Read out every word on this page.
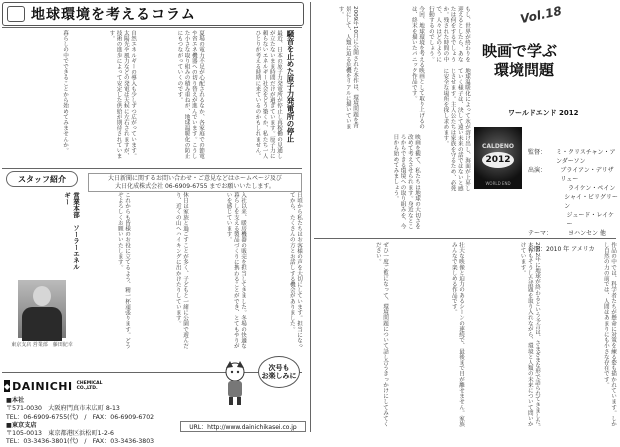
地球環境を考えるコラム
騒音を止めた原子力発電所の停止
最近、日本の原子力発電所が停止し再稼働の見通しが立たないまま時間だけが過ぎています。原子力に頼らないエネルギー社会をどう築くか、私たち一人ひとりが考える時期に来ているのかもしれません。
夏場の電力不足が心配されるなか、各家庭での節電や省エネ機器への切り替えが進んでいます。こうした小さな取り組みの積み重ねが、地球温暖化の防止にもつながっていくのです。
自然エネルギーの導入も少しずつ広がっています。太陽光や風力などの発電は天候に左右されますが、技術の進歩によって安定した供給が期待されています。
暮らしの中でできることから始めてみませんか。
大日新聞に関するお問い合わせ・ご意見などはホームページ及び
大日化成株式会社 06-6909-6755 までお願いいたします。
スタッフ紹介
営業本部　ソーラーエネルギー	日頃から私たちはお客様の声を大切にしています。担当になってから、たくさんの方とお話しする機会がありました。
入社以来、暖房機器の販売を担当してきました。冬場の快適な暮らしを支える製品づくりに携わることができ、とてもやりがいを感じています。
休日は家族と過ごすことが多く、子どもと一緒に公園で遊んだり、近くの山へハイキングに出かけたりしています。
これからも皆様のお役に立てるよう、精一杯頑張ります。どうぞよろしくお願いいたします。
東京支店 営業部　藤田紀幸
◆ DAINICHI CHEMICAL
CO.,LTD.
■本社
〒571-0030　大阪府門真市末広町 8-13
TEL：06-6909-6755(代)　/　FAX：06-6909-6702
■東京支店
〒105-0013　東京都港区浜松町1-2-6
TEL：03-3436-3801(代)　/　FAX：03-3436-3803
URL：http://www.dainichikasei.co.jp
次号も
お楽しみに
Vol.18
映画で学ぶ
環境問題
ワールドエンド 2012
CALDENO
2012
WORLD END
監督：	ミ・クリスチャン・アンダーソン
出演：	ブライアン・デリザリュー
ライケン・ペイン
シャイ・ビリグリーン
ジュード・レイケー
テーマ：	ヨハンセン 他
公開：2010 年 アメリカ
もし、世界が終わりを迎えるとしたら、あなたは何をするでしょうか。残された時間の中で、人々はどのように行動するのでしょう。
今回、地球環境を考える映画として取り上げるのは、終末を描いたパニック作品です。
2009年10月に公開された本作は、環境問題を背景にして、人類に迫る危機をリアルに描いています。
地球温暖化によって氷が溶け出し、海面が上昇していく様子は、決して遠い未来の話ではないと感じさせます。主人公たちは家族を守るため、必死に安全な場所を探し求めます。
映画を観て、私たちは地球の大切さを改めて考えさせられます。身近なところからできる環境への取り組みを、今日から始めてみましょう。
作品の中では、科学者たちが懸命に対策を練る姿も描かれています。しかし自然の力の前では、人間はあまりにも小さな存在です。
2012年に地球が終わるという予言は、さまざまな形で語られてきました。本作もそうした話題を取り入れながら、環境と人類の未来について問いかけています。
壮大な映像と迫力のあるシーンの連続で、最後まで目が離せません。家族みんなで楽しめる作品です。
ぜひ一度ご覧になって、環境問題について話し合うきっかけにしてみてください。
